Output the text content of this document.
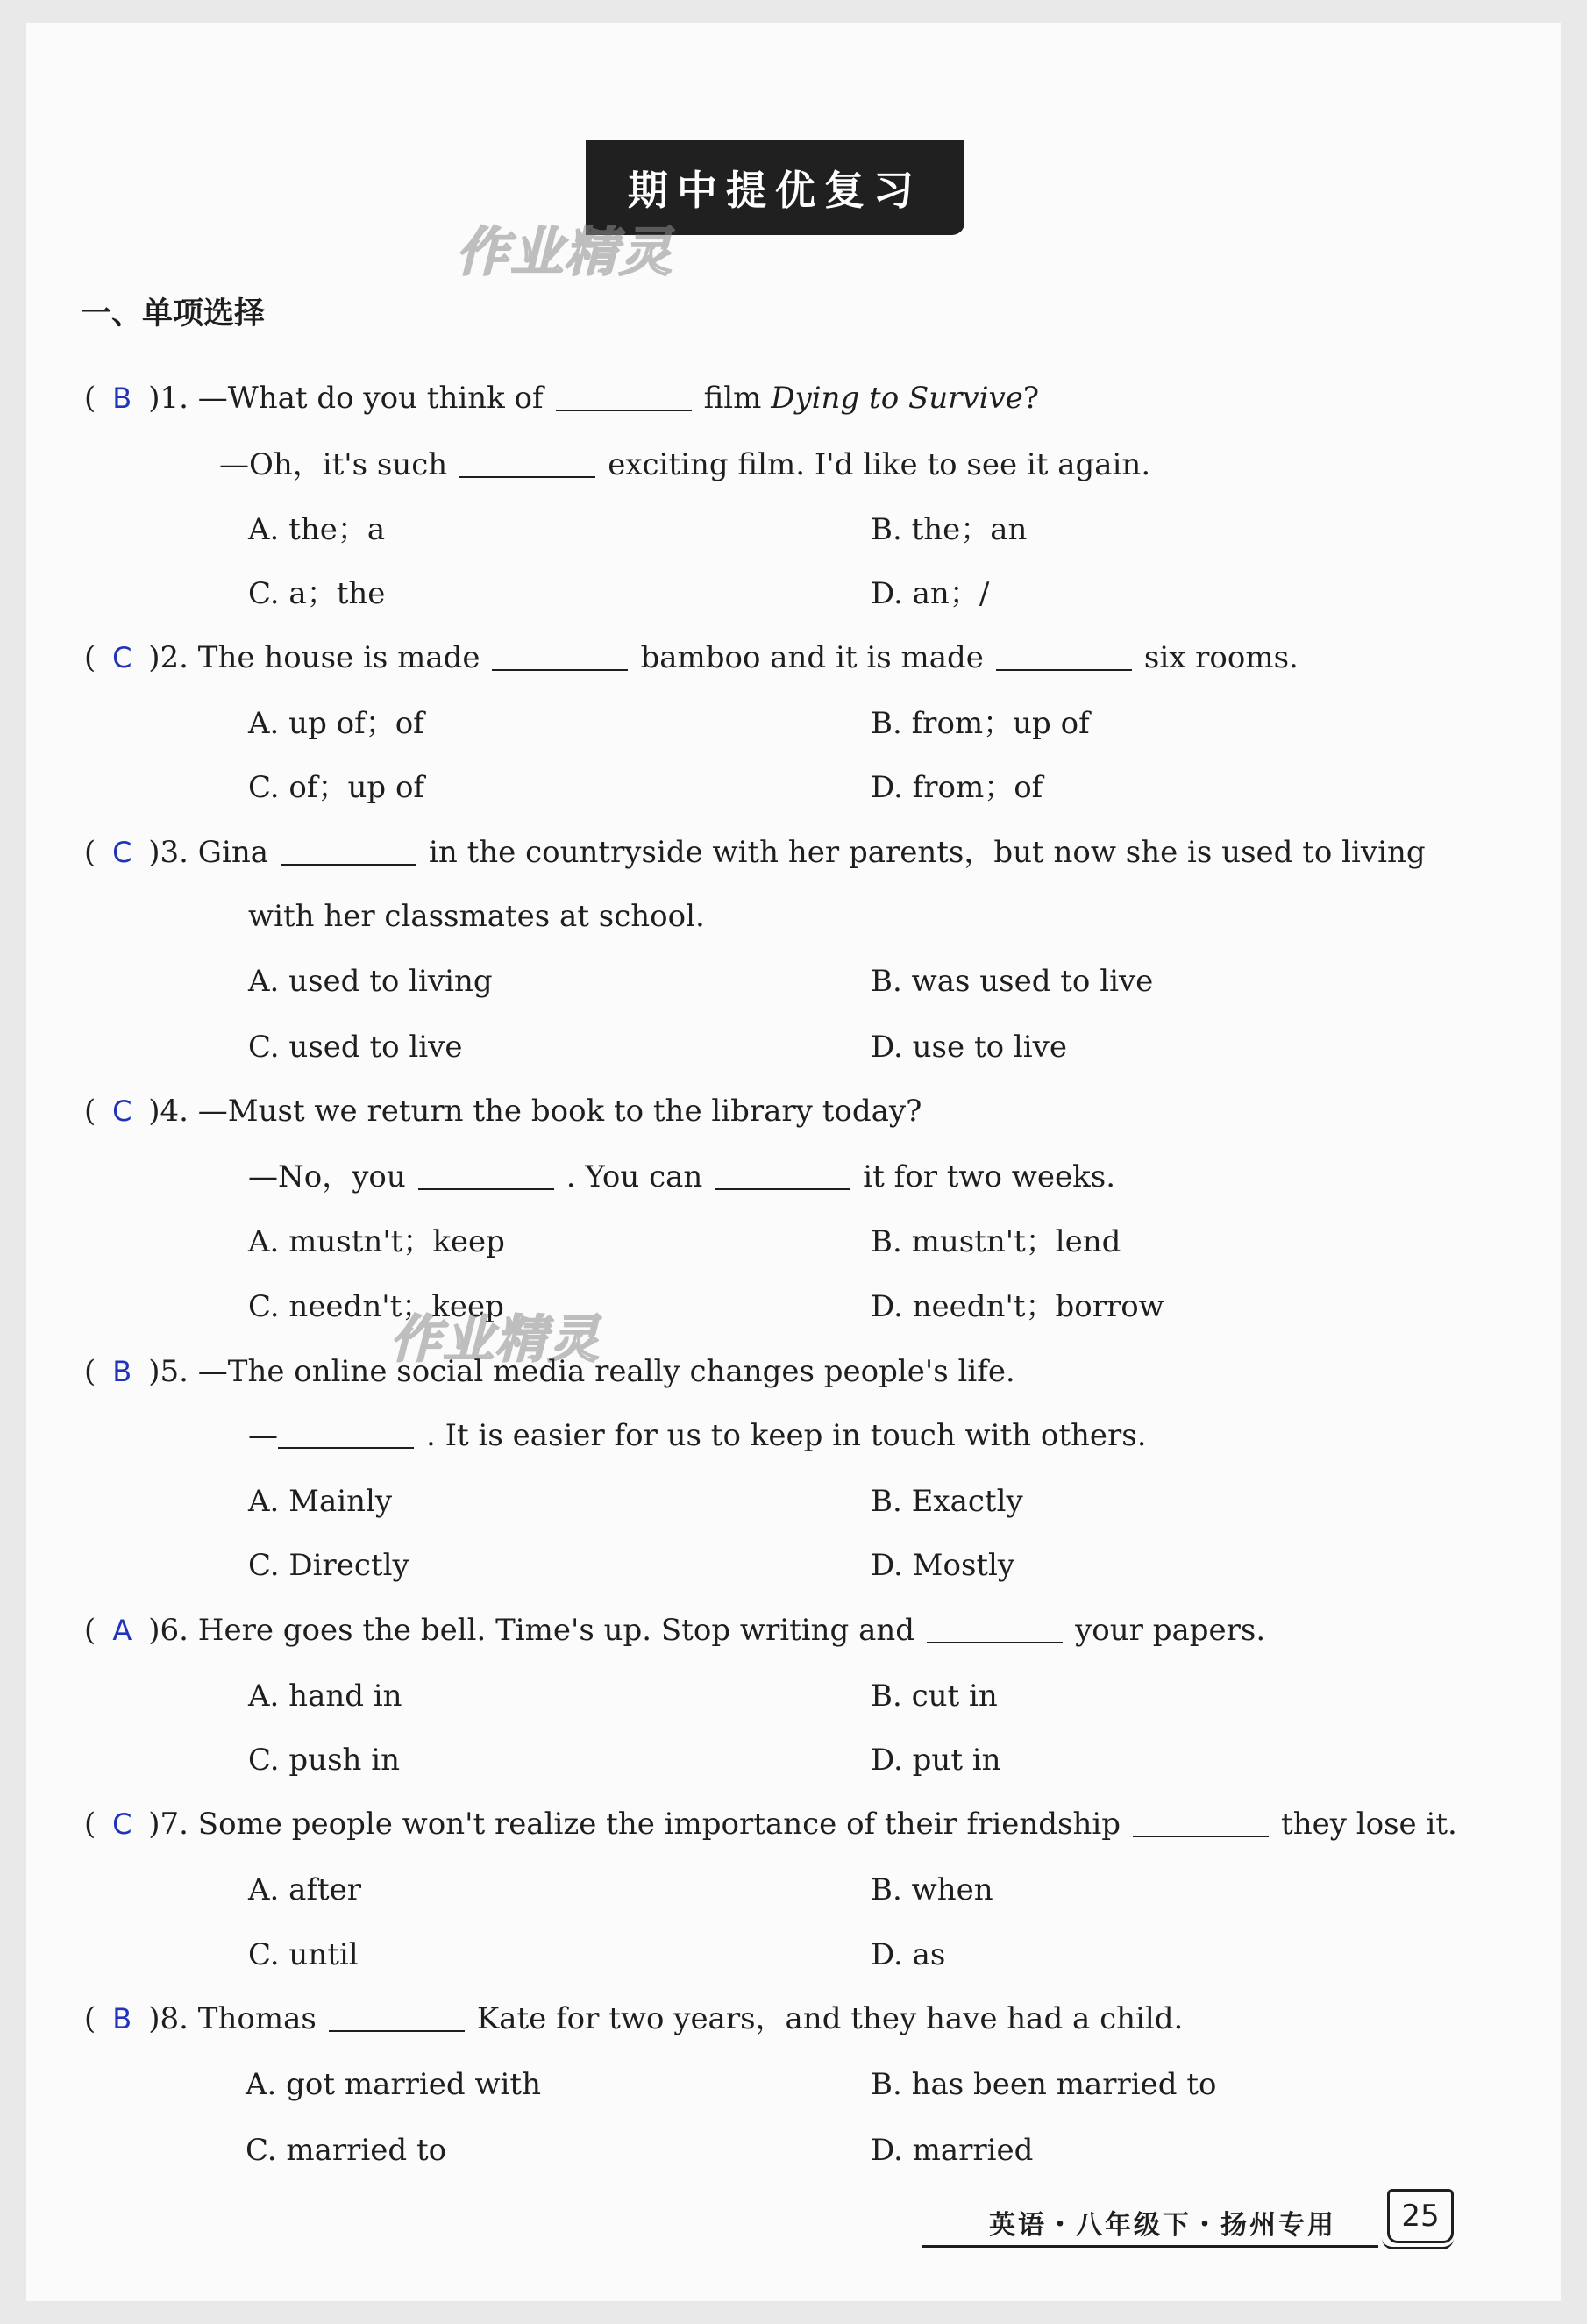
期中提优复习
作业精灵
作业精灵
一、单项选择
( B )1. —What do you think of	film Dying to Survive?
—Oh，it's such	exciting film. I'd like to see it again.
A. the；a	B. the；an
C. a；the	D. an；/
( C )2. The house is made	bamboo and it is made	six rooms.
A. up of；of	B. from；up of
C. of；up of	D. from；of
( C )3. Gina	in the countryside with her parents，but now she is used to living
with her classmates at school.
A. used to living	B. was used to live
C. used to live	D. use to live
( C )4. —Must we return the book to the library today?
—No，you	. You can	it for two weeks.
A. mustn't；keep	B. mustn't；lend
C. needn't；keep	D. needn't；borrow
( B )5. —The online social media really changes people's life.
—	. It is easier for us to keep in touch with others.
A. Mainly	B. Exactly
C. Directly	D. Mostly
( A )6. Here goes the bell. Time's up. Stop writing and	your papers.
A. hand in	B. cut in
C. push in	D. put in
( C )7. Some people won't realize the importance of their friendship	they lose it.
A. after	B. when
C. until	D. as
( B )8. Thomas	Kate for two years，and they have had a child.
A. got married with	B. has been married to
C. married to	D. married
英语・八年级下・扬州专用	25
